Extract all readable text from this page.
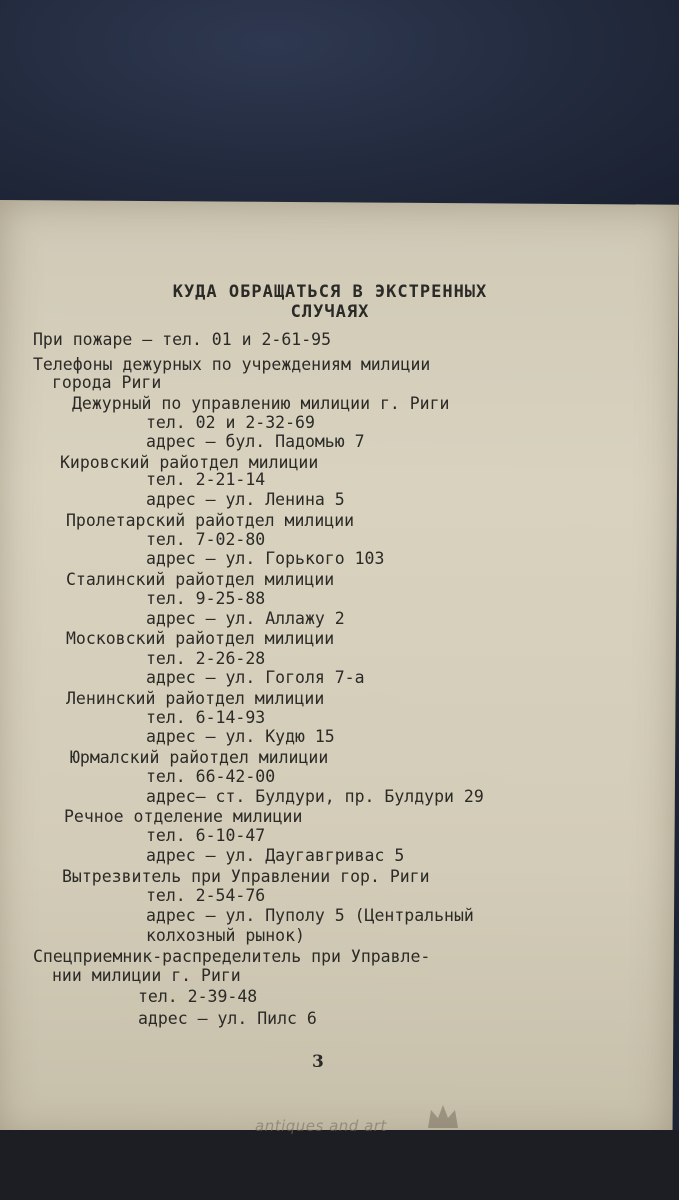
КУДА ОБРАЩАТЬСЯ В ЭКСТРЕННЫХ
СЛУЧАЯХ
При пожаре — тел. 01 и 2-61-95
Телефоны дежурных по учреждениям милиции
города Риги
Дежурный по управлению милиции г. Риги
тел. 02 и 2-32-69
адрес — бул. Падомью 7
Кировский райотдел милиции
тел. 2-21-14
адрес — ул. Ленина 5
Пролетарский райотдел милиции
тел. 7-02-80
адрес — ул. Горького 103
Сталинский райотдел милиции
тел. 9-25-88
адрес — ул. Аллажу 2
Московский райотдел милиции
тел. 2-26-28
адрес — ул. Гоголя 7-а
Ленинский райотдел милиции
тел. 6-14-93
адрес — ул. Кудю 15
Юрмалский райотдел милиции
тел. 66-42-00
адрес— ст. Булдури, пр. Булдури 29
Речное отделение милиции
тел. 6-10-47
адрес — ул. Даугавгривас 5
Вытрезвитель при Управлении гор. Риги
тел. 2-54-76
адрес — ул. Пуполу 5 (Центральный
колхозный рынок)
Спецприемник-распределитель при Управле-
нии милиции г. Риги
тел. 2-39-48
адрес — ул. Пилс 6
3
antiques and art
